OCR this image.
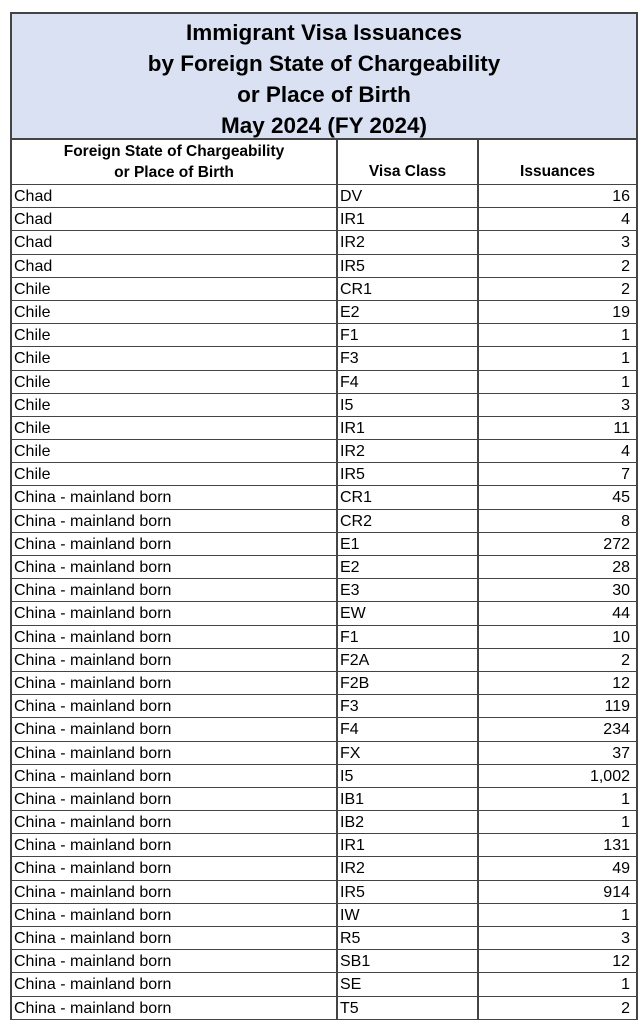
Immigrant Visa Issuances
by Foreign State of Chargeability
or Place of Birth
May 2024 (FY 2024)
Foreign State of Chargeability
or Place of Birth	Visa Class	Issuances
Chad	DV	16
Chad	IR1	4
Chad	IR2	3
Chad	IR5	2
Chile	CR1	2
Chile	E2	19
Chile	F1	1
Chile	F3	1
Chile	F4	1
Chile	I5	3
Chile	IR1	11
Chile	IR2	4
Chile	IR5	7
China - mainland born	CR1	45
China - mainland born	CR2	8
China - mainland born	E1	272
China - mainland born	E2	28
China - mainland born	E3	30
China - mainland born	EW	44
China - mainland born	F1	10
China - mainland born	F2A	2
China - mainland born	F2B	12
China - mainland born	F3	119
China - mainland born	F4	234
China - mainland born	FX	37
China - mainland born	I5	1,002
China - mainland born	IB1	1
China - mainland born	IB2	1
China - mainland born	IR1	131
China - mainland born	IR2	49
China - mainland born	IR5	914
China - mainland born	IW	1
China - mainland born	R5	3
China - mainland born	SB1	12
China - mainland born	SE	1
China - mainland born	T5	2
